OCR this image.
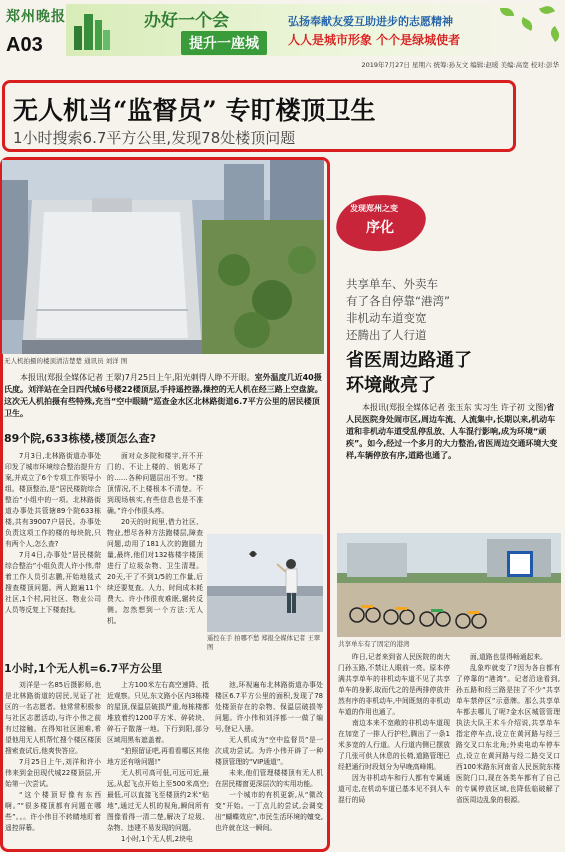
郑州晚报
A03
办好一个会
提升一座城
弘扬奉献友爱互助进步的志愿精神
人人是城市形象 个个是绿城使者
2019年7月27日 星期六 统筹:孙友文 编辑:赵暖 美编:高宽 校对:彭华
无人机当“监督员” 专盯楼顶卫生
1小时搜索6.7平方公里,发现78处楼顶问题
无人机拍摄的楼顶清洁楚楚 通讯员 刘洋 图
本报讯(郑报全媒体记者 王翠)7月25日上午,阳光刺得人睁不开眼。室外温度几近40摄氏度。刘洋站在全日四代城6号楼22楼顶层,手持遥控器,操控的无人机在经三路上空盘旋。这次无人机拍摄有些特殊,充当“空中眼睛”巡查金水区北林路街道6.7平方公里的居民楼顶卫生。
89个院,633栋楼,楼顶怎么查?

7月3日,北林路街道办事处印发了城市环境综合整治提升方案,并成立了6个专项工作领导小组。楼顶整治,是“居民楼院综合整治”小组中的一项。北林路街道办事处共管辖89个院633栋楼,共有39007户居民。办事处负责这项工作的楼的每块院,只有两个人,怎么查?

7月4日,办事处“居民楼院综合整治”小组负责人许小伟,带着工作人员引志鹏,开始地毯式搜查楼顶问题。两人跑遍11个社区,1个村,同社区、物业公司人员等反复上下楼查找。

面对众多院和楼宇,开不开门的、不让上楼的、钥匙坏了的……各种问题层出不穷。“楼顶情况,不上楼根本不清楚。不到现场核实,有些信息也是不准确。”许小伟很头疼。

20天的时间里,借力社区、物业,想尽各种方法跑楼层,障查问题,动用了181人次的跑腿力量,最终,他们对132栋楼宇楼顶进行了垃圾杂物、卫生清理。20天,干了不到1/5的工作量,后续还要复查。人力、时间成本耗费大。许小伟很夜难眠,辗转反侧。忽然想到一个方法:无人机。

遥控在手 拍哪不愁 郑报全媒体记者 王翠 图
1小时,1个无人机=6.7平方公里

刘洋是一名85后摄影师,也是北林路街道的居民,见证了社区的一名志愿者。他常常积极参与社区志愿活动,与许小伟之前有过接触。在得知社区困难,希望他用无人机帮忙搜个楼区楼顶搜索查试后,他爽快答应。

7月25日上午,刘洋和许小伟来到金田现代城22楼顶层,开始第一次尝试。

“这个楼顶好像有东西啊。”“很多楼顶都有问题在哪些”。。。许小伟目不转睛地盯着遥控屏幕。

上方100米左右高空速降、抵近观察。只见,东文路小区内3栋楼的屋顶,保温层破损严重,每栋楼都堆放着约1200平方米、碎砖块、碎石子散落一地。下行到阳,部分区域用黑布遮盖着。

“拍照留证吧,再看看哪区其他地方还有啥问题!”

无人机可高可低,可远可近,最远,从起飞点开始上至500米高空;最低,可以直接飞至楼顶约2米“贴地”,通过无人机的视角,瞬间所有图像看得一清二楚,解决了垃圾、杂物、违建不易发现的问题。

1小时,1个无人机,2块电

池,环视遍布北林路街道办事处楼区6.7平方公里的面积,发现了78处楼顶存在的杂物、保温层破损等问题。许小伟和刘洋都一一做了编号,登记入册。

无人机成为“空中监督员”是一次成功尝试。为许小伟开辟了一种楼顶管理的“VIP通道”。

未来,他们管理楼楼顶有无人机在居民楼窗更深层次的实用功能。

一个城市的有机更新,从“微改变”开始。一丁点儿的尝试,会调变出“蝴蝶效应”,市民生活环境的嬗变,也许就在这一瞬间。

发现郑州之变
序化
共享单车、外卖车
有了各自停靠“港湾”
非机动车道变宽
还腾出了人行道
省医周边路通了
环境敞亮了
本报讯(郑报全媒体记者 张玉东 实习生 许子初 文图)省人民医院身处闹市区,周边车流、人流集中,长期以来,机动车道和非机动车道受乱停乱放、人车混行影响,成为环境“顽疾”。如今,经过一个多月的大力整治,省医周边交通环境大变样,车辆停放有序,道路也通了。
共享单车有了固定的港湾

昨日,记者来到省人民医院的南大门孙玉路,不禁让人眼前一亮。原本停满共享单车的非机动车道不见了共享单车的身影,取而代之的是两排停放井然有序的非机动车,中间既刻的非机动车道的作用也通了。

南边本来不宽敞的非机动车道现在加宽了一排人行护栏,腾出了一条1米多宽的人行道。人行道内侧已摆放了几张可供人休息的长椅,道路管理已经把通行时段划分为早晚高峰期。

因为非机动车和行人都有专属通道可走,在机动车道已基本见不到人车混行的局

面,道路也显得畅通起来。

乱象咋就变了?因为各自都有了停靠的“港湾”。记者沿途看到,孙五路和经三路是挂了不少“共享单车禁停区”示意牌。那么共享单车都去哪儿了呢?金水区城管管理执法大队王术斗介绍说,共享单车指定停车点,设立在黄河路与经三路交叉口东北角;外卖电动车停车点,设立在黄河路与经二路交叉口西100米路东河南省人民医院东楼医院门口,现在各类车都有了自己的专属停放区域,也降低临破解了省医周边乱象的根源。
